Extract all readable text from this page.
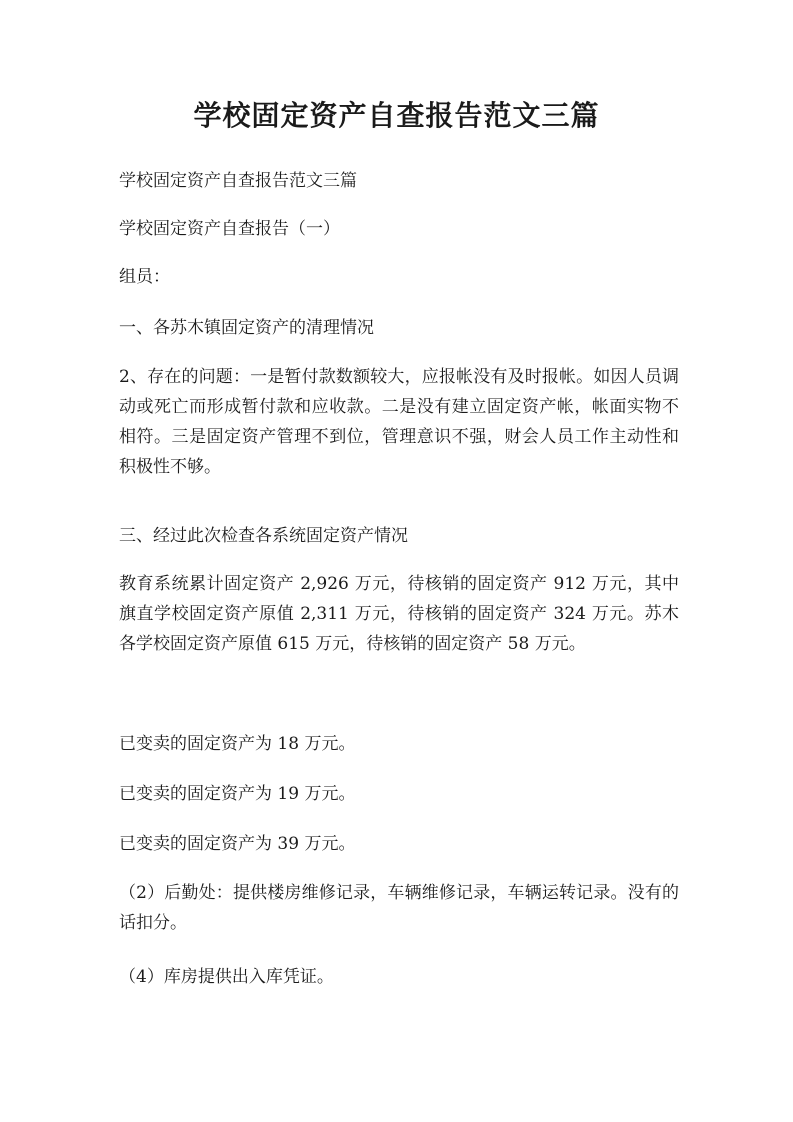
学校固定资产自查报告范文三篇

学校固定资产自查报告范文三篇

学校固定资产自查报告（一）

组员：

一、各苏木镇固定资产的清理情况

2、存在的问题：一是暂付款数额较大，应报帐没有及时报帐。如因人员调动或死亡而形成暂付款和应收款。二是没有建立固定资产帐，帐面实物不相符。三是固定资产管理不到位，管理意识不强，财会人员工作主动性和积极性不够。

三、经过此次检查各系统固定资产情况

教育系统累计固定资产 2,926 万元，待核销的固定资产 912 万元，其中旗直学校固定资产原值 2,311 万元，待核销的固定资产 324 万元。苏木各学校固定资产原值 615 万元，待核销的固定资产 58 万元。

已变卖的固定资产为 18 万元。

已变卖的固定资产为 19 万元。

已变卖的固定资产为 39 万元。

（2）后勤处：提供楼房维修记录，车辆维修记录，车辆运转记录。没有的话扣分。

（4）库房提供出入库凭证。
